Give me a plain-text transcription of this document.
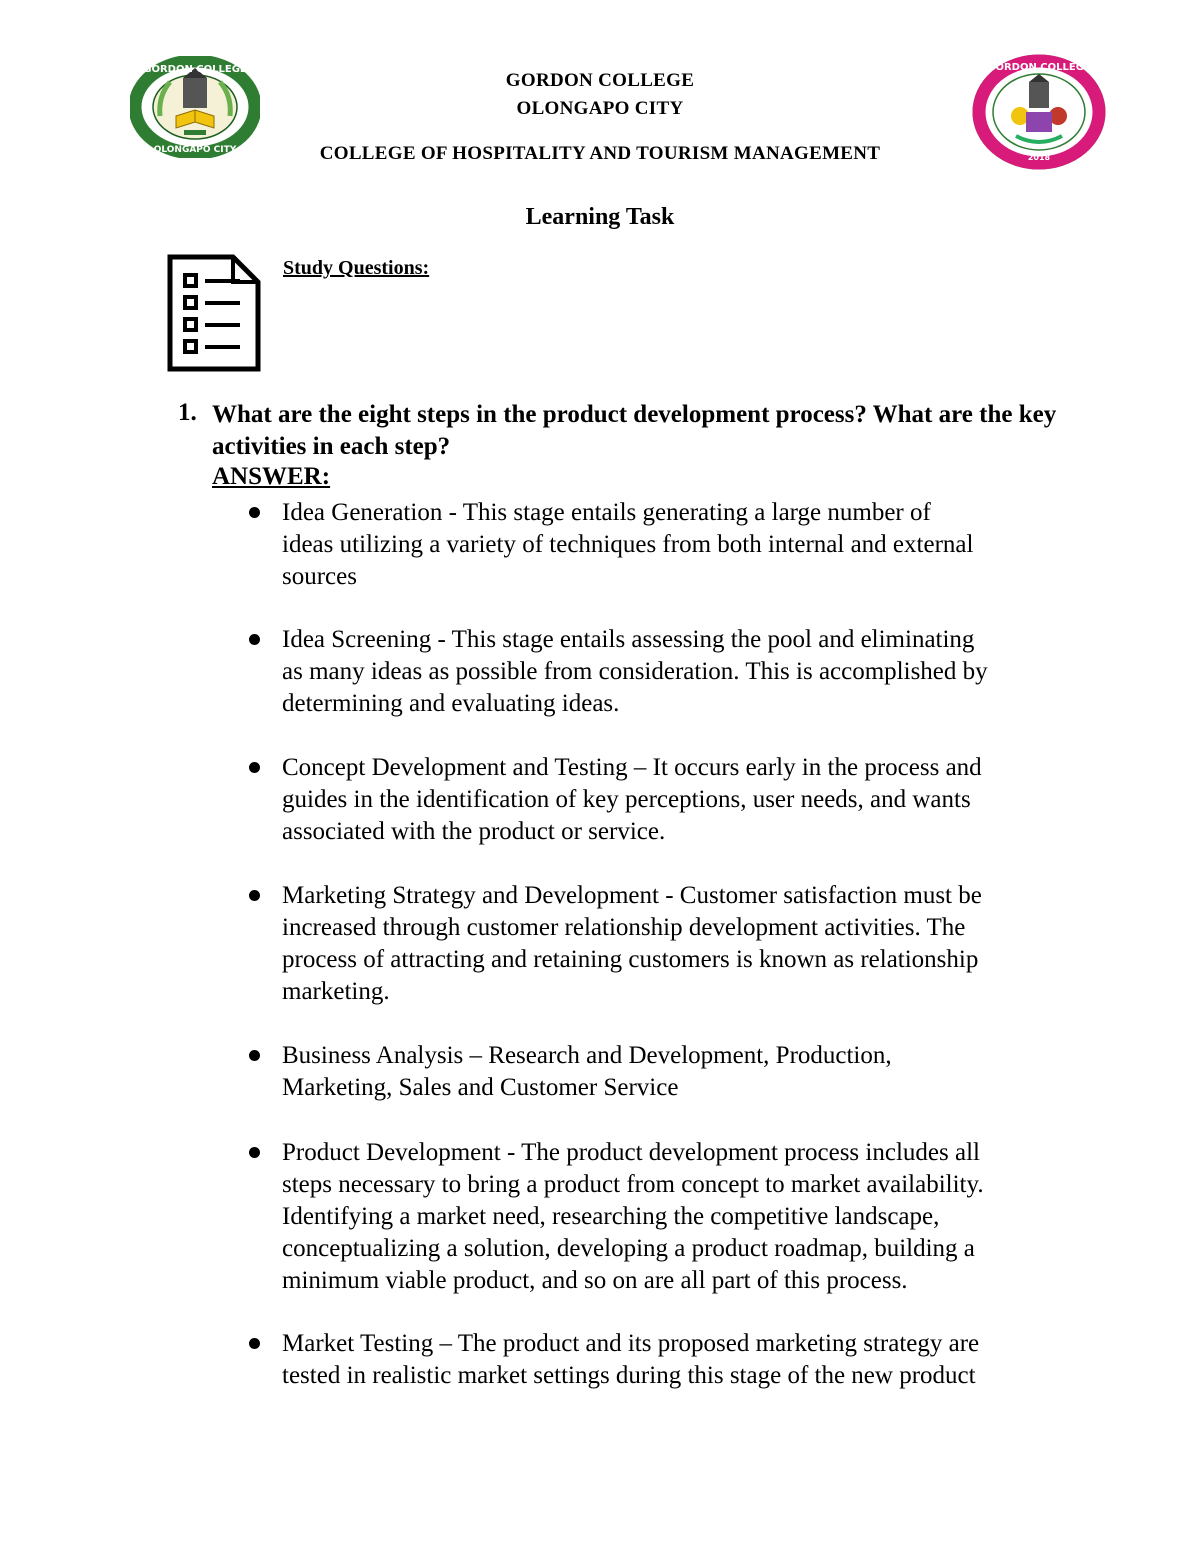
GORDON COLLEGE
OLONGAPO CITY
GORDON COLLEGE
2018
GORDON COLLEGE
OLONGAPO CITY
COLLEGE OF HOSPITALITY AND TOURISM MANAGEMENT
Learning Task
Study Questions:
1. What are the eight steps in the product development process? What are the key activities in each step?
ANSWER:
Idea Generation - This stage entails generating a large number of
ideas utilizing a variety of techniques from both internal and external
sources
Idea Screening - This stage entails assessing the pool and eliminating
as many ideas as possible from consideration. This is accomplished by
determining and evaluating ideas.
Concept Development and Testing – It occurs early in the process and
guides in the identification of key perceptions, user needs, and wants
associated with the product or service.
Marketing Strategy and Development - Customer satisfaction must be
increased through customer relationship development activities. The
process of attracting and retaining customers is known as relationship
marketing.
Business Analysis – Research and Development, Production,
Marketing, Sales and Customer Service
Product Development - The product development process includes all
steps necessary to bring a product from concept to market availability.
Identifying a market need, researching the competitive landscape,
conceptualizing a solution, developing a product roadmap, building a
minimum viable product, and so on are all part of this process.
Market Testing – The product and its proposed marketing strategy are
tested in realistic market settings during this stage of the new product
